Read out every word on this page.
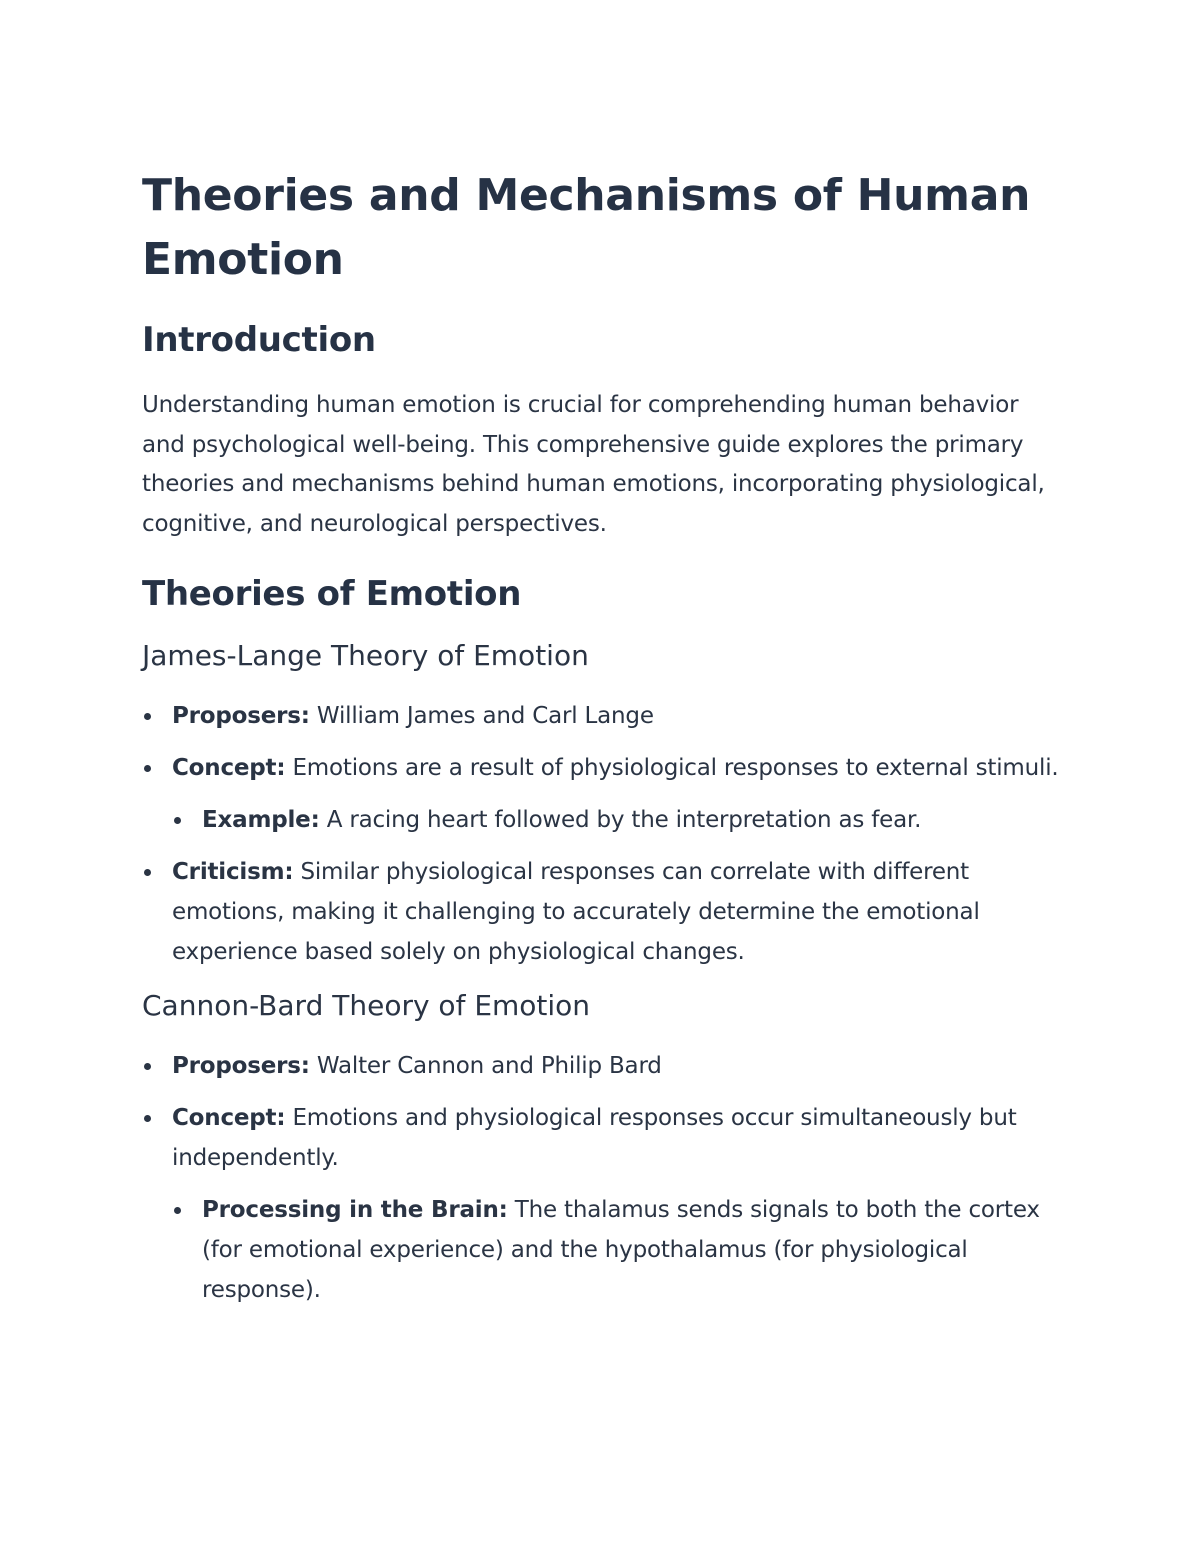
Theories and Mechanisms of Human Emotion
Introduction

Understanding human emotion is crucial for comprehending human behavior and psychological well-being. This comprehensive guide explores the primary theories and mechanisms behind human emotions, incorporating physiological, cognitive, and neurological perspectives.

Theories of Emotion
James-Lange Theory of Emotion
Proposers: William James and Carl Lange
Concept: Emotions are a result of physiological responses to external stimuli.
Example: A racing heart followed by the interpretation as fear.
Criticism: Similar physiological responses can correlate with different emotions, making it challenging to accurately determine the emotional experience based solely on physiological changes.
Cannon-Bard Theory of Emotion
Proposers: Walter Cannon and Philip Bard
Concept: Emotions and physiological responses occur simultaneously but independently.
Processing in the Brain: The thalamus sends signals to both the cortex (for emotional experience) and the hypothalamus (for physiological response).
